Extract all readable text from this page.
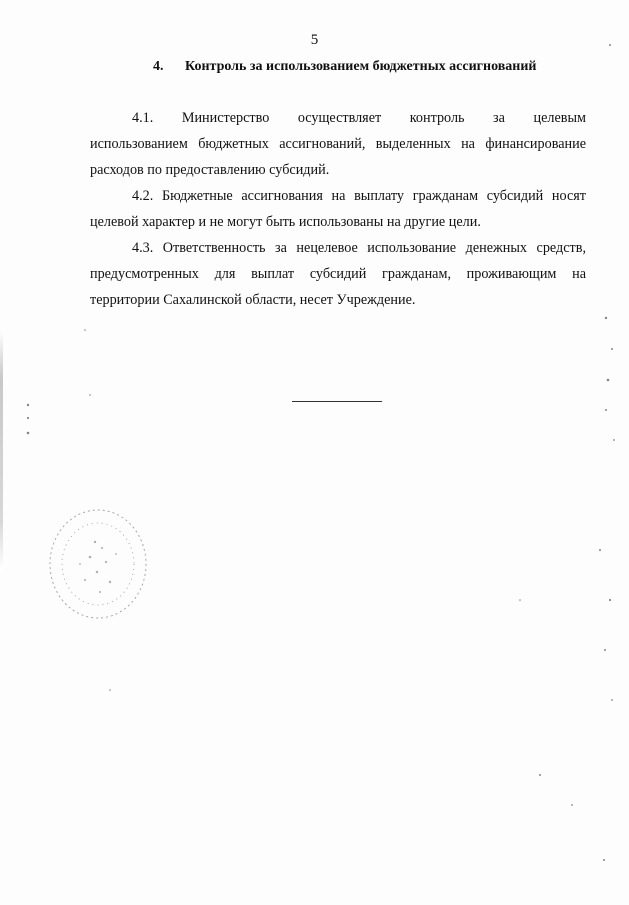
5
4. Контроль за использованием бюджетных ассигнований
4.1. Министерство осуществляет контроль за целевым
использованием бюджетных ассигнований, выделенных на финансирование
расходов по предоставлению субсидий.
4.2. Бюджетные ассигнования на выплату гражданам субсидий носят
целевой характер и не могут быть использованы на другие цели.
4.3. Ответственность за нецелевое использование денежных средств,
предусмотренных для выплат субсидий гражданам, проживающим на
территории Сахалинской области, несет Учреждение.
